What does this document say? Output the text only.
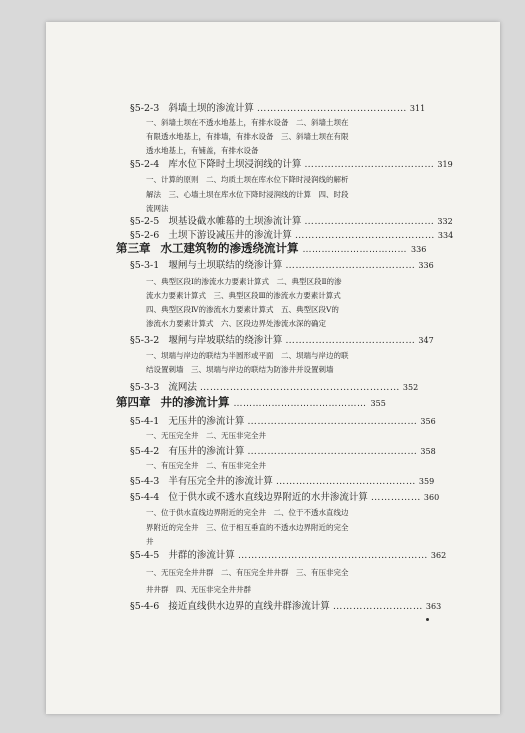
§5-2-3 斜墙土坝的渗流计算 ……………………………………… 311
一、斜墙土坝在不透水地基上，有排水设备　二、斜墙土坝在
有限透水地基上，有排墙，有排水设备　三、斜墙土坝在有限
透水地基上，有铺盖，有排水设备
§5-2-4 库水位下降时土坝浸润线的计算 ………………………………… 319
一、计算的原则　二、均质土坝在库水位下降时浸润线的解析
解法　三、心墙土坝在库水位下降时浸润线的计算　四、时段
流网法
§5-2-5 坝基设截水帷幕的土坝渗流计算 ………………………………… 332
§5-2-6 土坝下游设减压井的渗流计算 …………………………………… 334
第三章 水工建筑物的渗透绕流计算 …………………………… 336
§5-3-1 堰闸与土坝联结的绕渗计算 ………………………………… 336
一、典型区段Ⅰ的渗流水力要素计算式　二、典型区段Ⅱ的渗
流水力要素计算式　三、典型区段Ⅲ的渗流水力要素计算式
四、典型区段Ⅳ的渗流水力要素计算式　五、典型区段Ⅴ的
渗流水力要素计算式　六、区段边界处渗流水深的确定
§5-3-2 堰闸与岸坡联结的绕渗计算 ………………………………… 347
一、坝端与岸边的联结为半圆形或平面　二、坝端与岸边的联
结设置刺墙　三、坝端与岸边的联结为防渗井并设置刺墙
§5-3-3 流网法 …………………………………………………… 352
第四章 井的渗流计算 …………………………………… 355
§5-4-1 无压井的渗流计算 …………………………………………… 356
一、无压完全井　二、无压非完全井
§5-4-2 有压井的渗流计算 …………………………………………… 358
一、有压完全井　二、有压非完全井
§5-4-3 半有压完全井的渗流计算 …………………………………… 359
§5-4-4 位于供水或不透水直线边界附近的水井渗流计算 …………… 360
一、位于供水直线边界附近的完全井　二、位于不透水直线边
界附近的完全井　三、位于相互垂直的不透水边界附近的完全
井
§5-4-5 井群的渗流计算 ………………………………………………… 362
一、无压完全井井群　二、有压完全井井群　三、有压非完全
井井群　四、无压非完全井井群
§5-4-6 接近直线供水边界的直线井群渗流计算 ……………………… 363
